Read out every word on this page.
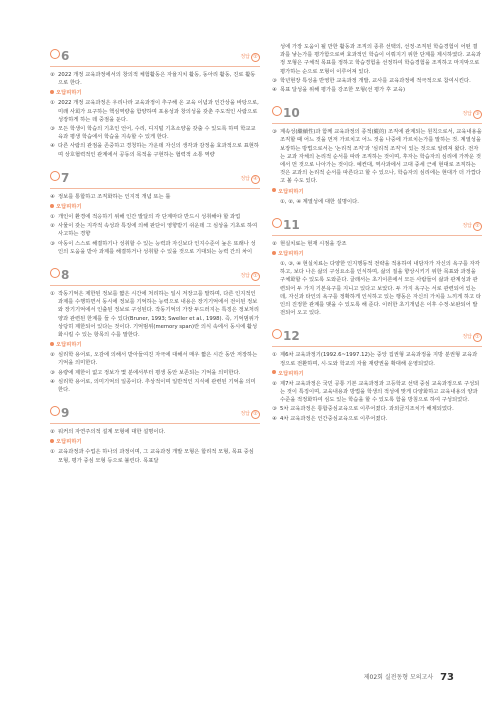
6	정답 ②
② 2022 개정 교육과정에서의 창의적 체험활동은 자율지치 활동, 동아리 활동, 진로 활동으로 한다.
오답피하기
① 2022 개정 교육과정은 우리나라 교육과정이 추구해 온 교육 이념과 인간상을 바탕으로, 미래 사회가 요구하는 핵심역량을 함양하며 포용성과 창의성을 갖춘 주도적인 사람으로 성장하게 하는 데 중점을 둔다.
③ 모든 학생이 학습의 기초인 언어, 수리, 디지털 기초소양을 갖출 수 있도록 하며 학교교육과 평생 학습에서 학습을 지속할 수 있게 한다.
④ 다른 사람의 관점을 존중하고 경청하는 가운데 자신의 생각과 감정을 효과적으로 표현하며 상호협력적인 관계에서 공동의 목적을 구현하는 협력적 소통 역량
7	정답 ④
④ 정보를 통합하고 조직화하는 인지적 개념 또는 틀
오답피하기
① 개인이 환경에 적응하기 위해 인간 발달의 각 단계마다 반드시 성취해야 할 과업
② 사물이 갖는 지각적 속성과 특징에 의해 판단이 영향받기 쉬운데 그 심상을 기초로 하여 사고하는 경향
③ 아동이 스스로 해결하기나 성취할 수 있는 능력과 자신보다 인지수준이 높은 또래나 성인의 도움을 받아 과제를 해결하거나 성취할 수 있을 것으로 기대되는 능력 간의 차이
8	정답 ①
① 작동기억은 제한된 정보를 짧은 시간에 처리하는 일시 저장고를 말하며, 다른 인지적인 과제를 수행하면서 동시에 정보를 기억하는 능력으로 내용은 장기기억에서 전이된 정보와 장기기억에서 인출된 정보로 구성된다. 작동기억의 가장 두드러지는 특징은 정보처리양과 관련된 한계를 들 수 있다(Bruner, 1993; Sweller et al., 1998). 즉, 기억범위가 상당히 제한되어 있다는 것이다. 기억범위(memory span)란 의식 속에서 동시에 활성화시킬 수 있는 항목의 수를 말한다.
오답피하기
② 심리학 용어로, 오감에 의해서 받아들여진 자극에 대해서 매우 짧은 시간 동안 저장하는 기억을 의미한다.
③ 용량에 제한이 없고 정보가 몇 분에서부터 평생 동안 보존되는 기억을 의미한다.
④ 심리학 용어로, 의미기억의 일종이다. 추상적이며 일반적인 지식에 관련된 기억을 의미한다.
9	정답 ②
② 워커의 자연주의적 설계 모형에 대한 설명이다.
오답피하기
① 교육과정과 수업은 하나의 과정이며, 그 교육과정 개발 모형은 합리적 모형, 목표 중심 모형, 평가 중심 모형 등으로 불린다. 목표달
성에 가장 도움이 될 만한 활동과 조직의 종류 선택의, 선정·조직된 학습경험이 어떤 결과를 낳는가를 평가함으로써 효과적인 학습이 이뤄지기 위한 단계를 제시하였다. 교육과정 모형은 구체적 목표를 정하고 학습경험을 선정하여 학습경험을 조직하고 마지막으로 평가하는 순으로 모형이 이루어져 있다.
③ 학년현장 특성을 반영한 교육과정 개발, 교사를 교육과정에 적극적으로 참여시킨다.
④ 목표 달성을 위해 평가를 강조한 모형(선 평가 후 교육)
10	정답 ③
③ 계속성(繼續性)과 함께 교육과정의 종적(縱的) 조직에 관계되는 원칙으로서, 교육내용을 조직할 때 어느 것을 먼저 가르치고 어느 것을 나중에 가르치는가를 말하는 것. 계열성을 보장하는 방법으로서는 '논리적 조직'과 '심리적 조직'이 있는 것으로 알려져 왔다. 전자는 교과 자체의 논리적 순서를 따라 조직하는 것이며, 후자는 학습자의 심리에 가까운 것에서 먼 것으로 나아가는 것이다. 예컨대, 역사과에서 고대 중세 근세 현대로 조직하는 것은 교과의 논리적 순서를 따른다고 할 수 있으나, 학습자의 심리에는 현대가 더 가깝다고 볼 수도 있다.
오답피하기
①, ②, ④ 계열성에 대한 설명이다.
11	정답 ②
② 현실치료는 현재 시점을 강조
오답피하기
①, ③, ④ 현실치료는 다양한 인지행동적 전략을 적용하여 내담자가 자신의 욕구를 자각하고, 보다 나은 삶의 구성요소를 인식하며, 삶의 질을 향상시키기 위한 목표와 과정을 구체화할 수 있도록 도와준다. 글래서는 초기이론에서 모든 사람들이 삶과 관계성과 관련되어 두 가지 기본욕구를 지니고 있다고 보았다. 두 가지 욕구는 서로 관련되어 있는데, 자신과 타인의 욕구를 정확하게 인식하고 있는 행동은 자신의 가치를 느끼게 하고 타인의 진정한 관계를 맺을 수 있도록 해 준다. 이러한 초기개념은 이후 수정·보완되어 발전되어 오고 있다.
12	정답 ①
① 제6차 교육과정기(1992.6~1997.12)는 중앙 집권형 교육과정을 지방 분권형 교육과정으로 전환하며, 시·도와 학교의 자율 재량권을 확대해 운영되었다.
오답피하기
② 제7차 교육과정은 국민 공통 기본 교육과정과 고등학교 선택 중심 교육과정으로 구성되는 것이 특징이며, 교육내용과 방법을 학생의 적성에 맞게 다양화하고 교육내용의 양과 수준을 적정화하여 심도 있는 학습을 할 수 있도록 함을 방침으로 하여 구성되었다.
③ 5차 교육과정은 통합중심교육으로 이루어졌다. 과외금지조치가 해제되었다.
④ 4차 교육과정은 인간중심교육으로 이루어졌다.
제02회 실전동형 모의고사 73
